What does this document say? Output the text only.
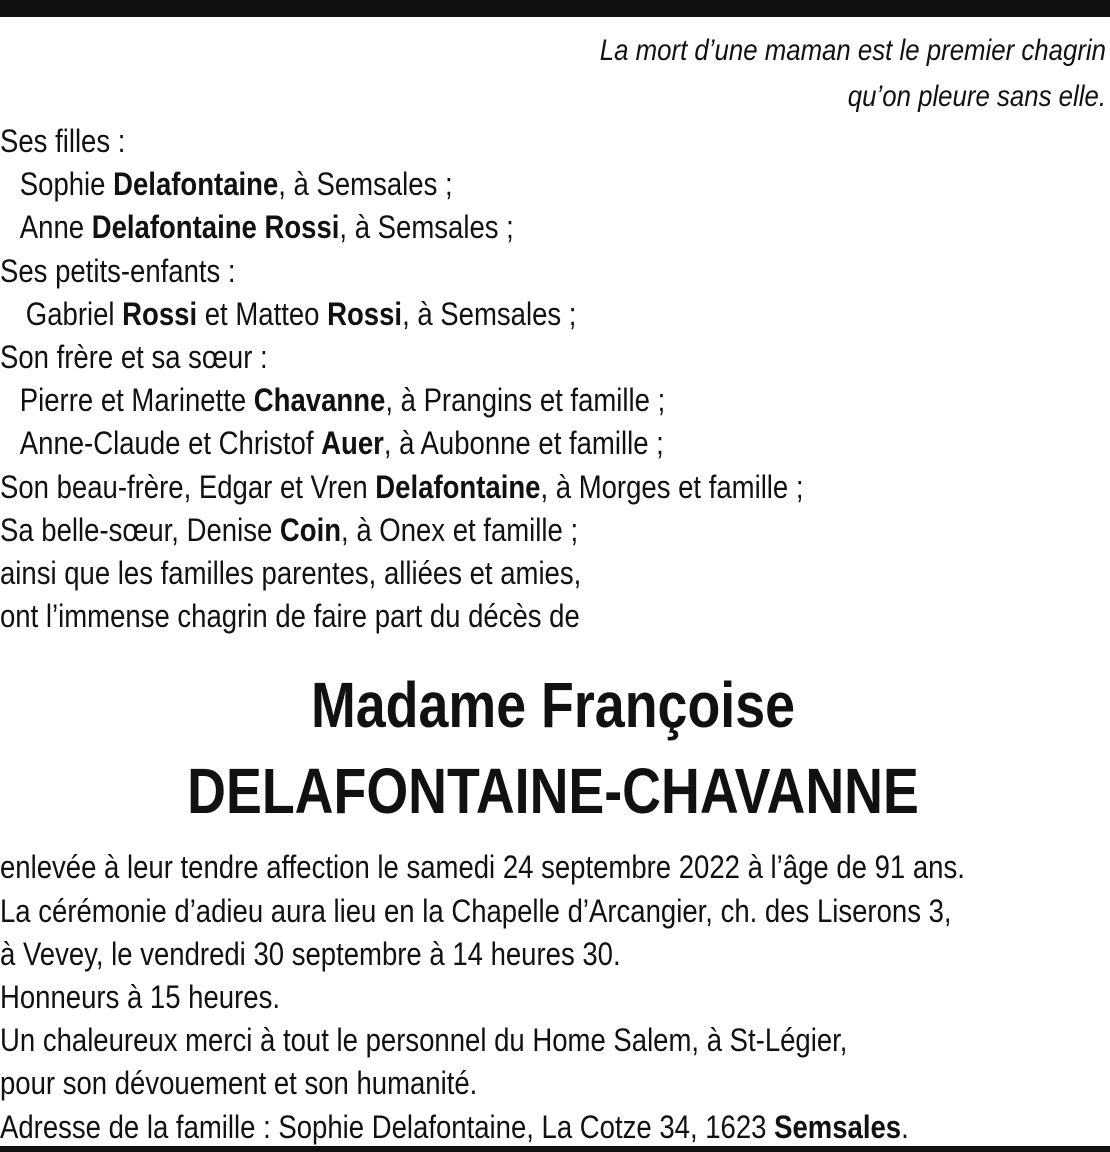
La mort d’une maman est le premier chagrin
qu’on pleure sans elle.
Ses filles :
Sophie Delafontaine, à Semsales ;
Anne Delafontaine Rossi, à Semsales ;
Ses petits-enfants :
Gabriel Rossi et Matteo Rossi, à Semsales ;
Son frère et sa sœur :
Pierre et Marinette Chavanne, à Prangins et famille ;
Anne-Claude et Christof Auer, à Aubonne et famille ;
Son beau-frère, Edgar et Vren Delafontaine, à Morges et famille ;
Sa belle-sœur, Denise Coin, à Onex et famille ;
ainsi que les familles parentes, alliées et amies,
ont l’immense chagrin de faire part du décès de
Madame Françoise
DELAFONTAINE-CHAVANNE
enlevée à leur tendre affection le samedi 24 septembre 2022 à l’âge de 91 ans.
La cérémonie d’adieu aura lieu en la Chapelle d’Arcangier, ch. des Liserons 3,
à Vevey, le vendredi 30 septembre à 14 heures 30.
Honneurs à 15 heures.
Un chaleureux merci à tout le personnel du Home Salem, à St-Légier,
pour son dévouement et son humanité.
Adresse de la famille : Sophie Delafontaine, La Cotze 34, 1623 Semsales.
